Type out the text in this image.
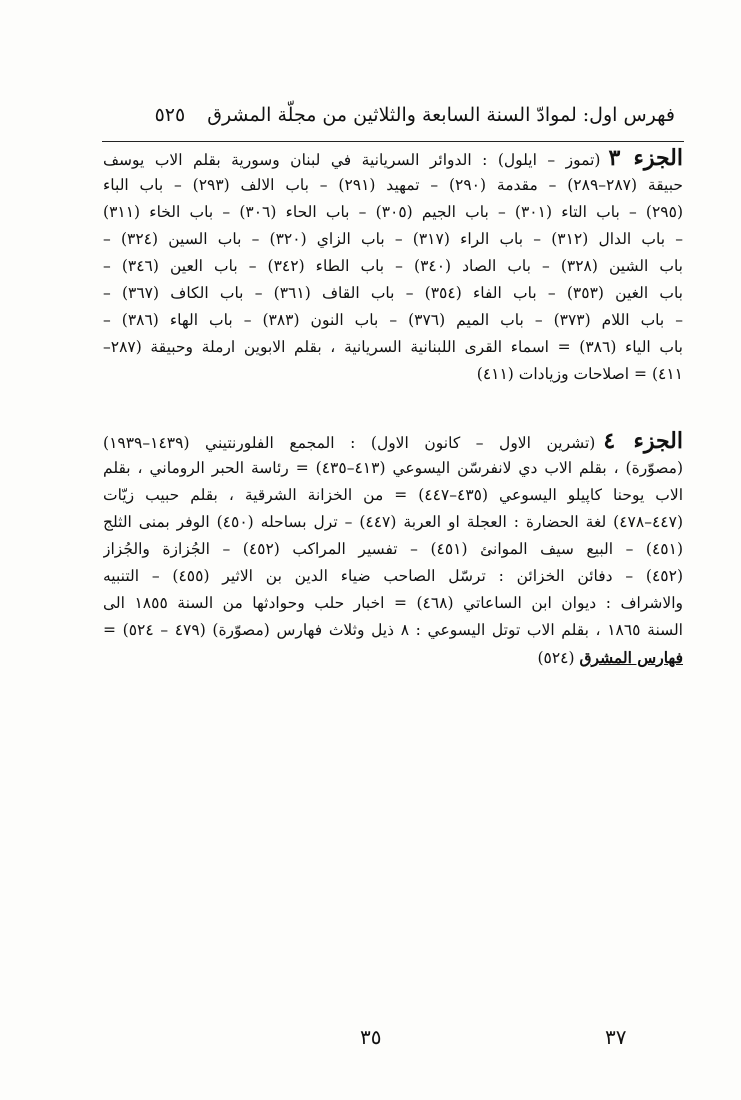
فهرس اول: لموادّ السنة السابعة والثلاثين من مجلّة المشرق
٥٢٥
الجزء ٣(تموز – ايلول) : الدوائر السريانية في لبنان وسورية بقلم الاب يوسف
حبيقة (٢٨٧–٢٨٩) – مقدمة (٢٩٠) – تمهيد (٢٩١) – باب الالف (٢٩٣) – باب الباء
(٢٩٥) – باب التاء (٣٠١) – باب الجيم (٣٠٥) – باب الحاء (٣٠٦) – باب الخاء (٣١١)
– باب الدال (٣١٢) – باب الراء (٣١٧) – باب الزاي (٣٢٠) – باب السين (٣٢٤) –
باب الشين (٣٢٨) – باب الصاد (٣٤٠) – باب الطاء (٣٤٢) – باب العين (٣٤٦) –
باب الغين (٣٥٣) – باب الفاء (٣٥٤) – باب القاف (٣٦١) – باب الكاف (٣٦٧) –
– باب اللام (٣٧٣) – باب الميم (٣٧٦) – باب النون (٣٨٣) – باب الهاء (٣٨٦) –
باب الياء (٣٨٦) = اسماء القرى اللبنانية السريانية ، بقلم الابوين ارملة وحبيقة (٢٨٧–
٤١١) = اصلاحات وزيادات (٤١١)
الجزء ٤(تشرين الاول – كانون الاول) : المجمع الفلورنتيني (١٤٣٩–١٩٣٩)
(مصوّرة) ، بقلم الاب دي لانفرسّن اليسوعي (٤١٣–٤٣٥) = رئاسة الحبر الروماني ، بقلم
الاب يوحنا كاپيلو اليسوعي (٤٣٥–٤٤٧) = من الخزانة الشرقية ، بقلم حبيب زيّات
(٤٤٧–٤٧٨) لغة الحضارة : العجلة او العربة (٤٤٧) – ترل بساحله (٤٥٠) الوفر بمنى الثلج
(٤٥١) – البيع سيف الموانئ (٤٥١) – تفسير المراكب (٤٥٢) – الجُزازة والجُزاز
(٤٥٢) – دفائن الخزائن : ترسّل الصاحب ضياء الدين بن الاثير (٤٥٥) – التنبيه
والاشراف : ديوان ابن الساعاتي (٤٦٨) = اخبار حلب وحوادثها من السنة ١٨٥٥ الى
السنة ١٨٦٥ ، بقلم الاب توتل اليسوعي : ٨ ذيل وثلاث فهارس (مصوّرة) (٤٧٩ – ٥٢٤) =
فهارس المشرق (٥٢٤)
٣٥	٣٧
